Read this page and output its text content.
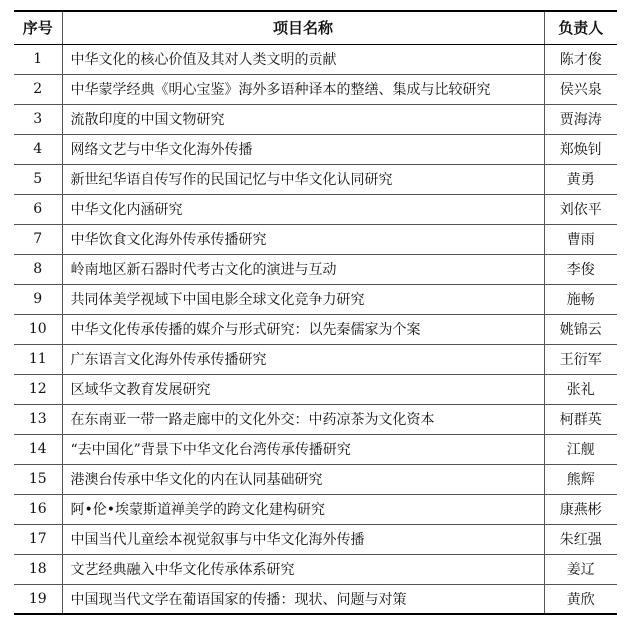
序号	项目名称	负责人
1	中华文化的核心价值及其对人类文明的贡献	陈才俊
2	中华蒙学经典《明心宝鉴》海外多语种译本的整缮、集成与比较研究	侯兴泉
3	流散印度的中国文物研究	贾海涛
4	网络文艺与中华文化海外传播	郑焕钊
5	新世纪华语自传写作的民国记忆与中华文化认同研究	黄勇
6	中华文化内涵研究	刘依平
7	中华饮食文化海外传承传播研究	曹雨
8	岭南地区新石器时代考古文化的演进与互动	李俊
9	共同体美学视域下中国电影全球文化竞争力研究	施畅
10	中华文化传承传播的媒介与形式研究：以先秦儒家为个案	姚锦云
11	广东语言文化海外传承传播研究	王衍军
12	区域华文教育发展研究	张礼
13	在东南亚一带一路走廊中的文化外交：中药凉茶为文化资本	柯群英
14	“去中国化”背景下中华文化台湾传承传播研究	江舰
15	港澳台传承中华文化的内在认同基础研究	熊辉
16	阿•伦•埃蒙斯道禅美学的跨文化建构研究	康燕彬
17	中国当代儿童绘本视觉叙事与中华文化海外传播	朱红强
18	文艺经典融入中华文化传承体系研究	姜辽
19	中国现当代文学在葡语国家的传播：现状、问题与对策	黄欣
